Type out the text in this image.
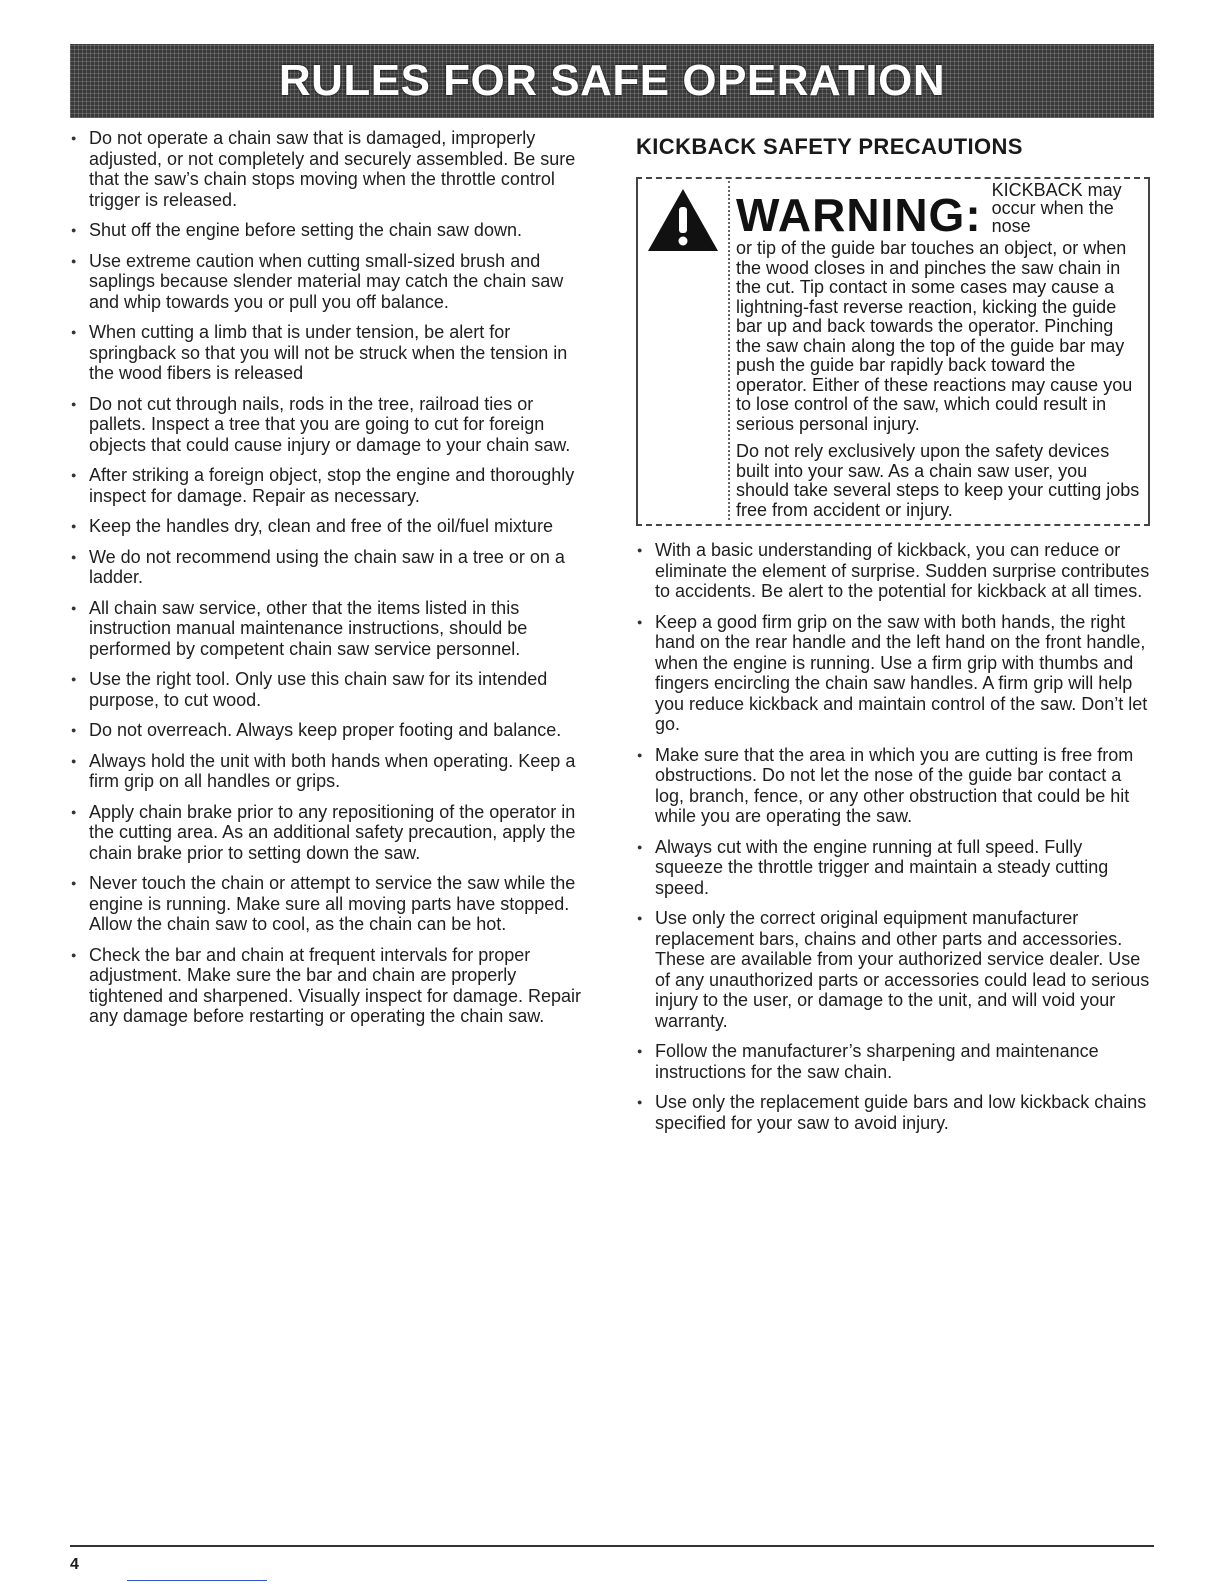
RULES FOR SAFE OPERATION
● Do not operate a chain saw that is damaged, improperly adjusted, or not completely and securely assembled. Be sure that the saw’s chain stops moving when the throttle control trigger is released.
● Shut off the engine before setting the chain saw down.
● Use extreme caution when cutting small-sized brush and saplings because slender material may catch the chain saw and whip towards you or pull you off balance.
● When cutting a limb that is under tension, be alert for springback so that you will not be struck when the tension in the wood fibers is released
● Do not cut through nails, rods in the tree, railroad ties or pallets. Inspect a tree that you are going to cut for foreign objects that could cause injury or damage to your chain saw.
● After striking a foreign object, stop the engine and thoroughly inspect for damage. Repair as necessary.
● Keep the handles dry, clean and free of the oil/fuel mixture
● We do not recommend using the chain saw in a tree or on a ladder.
● All chain saw service, other that the items listed in this instruction manual maintenance instructions, should be performed by competent chain saw service personnel.
● Use the right tool. Only use this chain saw for its intended purpose, to cut wood.
● Do not overreach. Always keep proper footing and balance.
● Always hold the unit with both hands when operating. Keep a firm grip on all handles or grips.
● Apply chain brake prior to any repositioning of the operator in the cutting area. As an additional safety precaution, apply the chain brake prior to setting down the saw.
● Never touch the chain or attempt to service the saw while the engine is running. Make sure all moving parts have stopped. Allow the chain saw to cool, as the chain can be hot.
● Check the bar and chain at frequent intervals for proper adjustment. Make sure the bar and chain are properly tightened and sharpened. Visually inspect for damage. Repair any damage before restarting or operating the chain saw.
KICKBACK SAFETY PRECAUTIONS
WARNING: KICKBACK may occur when the nose

or tip of the guide bar touches an object, or when the wood closes in and pinches the saw chain in the cut. Tip contact in some cases may cause a lightning-fast reverse reaction, kicking the guide bar up and back towards the operator. Pinching the saw chain along the top of the guide bar may push the guide bar rapidly back toward the operator. Either of these reactions may cause you to lose control of the saw, which could result in serious personal injury.

Do not rely exclusively upon the safety devices built into your saw. As a chain saw user, you should take several steps to keep your cutting jobs free from accident or injury.

● With a basic understanding of kickback, you can reduce or eliminate the element of surprise. Sudden surprise contributes to accidents. Be alert to the potential for kickback at all times.
● Keep a good firm grip on the saw with both hands, the right hand on the rear handle and the left hand on the front handle, when the engine is running. Use a firm grip with thumbs and fingers encircling the chain saw handles. A firm grip will help you reduce kickback and maintain control of the saw. Don’t let go.
● Make sure that the area in which you are cutting is free from obstructions. Do not let the nose of the guide bar contact a log, branch, fence, or any other obstruction that could be hit while you are operating the saw.
● Always cut with the engine running at full speed. Fully squeeze the throttle trigger and maintain a steady cutting speed.
● Use only the correct original equipment manufacturer replacement bars, chains and other parts and accessories. These are available from your authorized service dealer. Use of any unauthorized parts or accessories could lead to serious injury to the user, or damage to the unit, and will void your warranty.
● Follow the manufacturer’s sharpening and maintenance instructions for the saw chain.
● Use only the replacement guide bars and low kickback chains specified for your saw to avoid injury.
4
